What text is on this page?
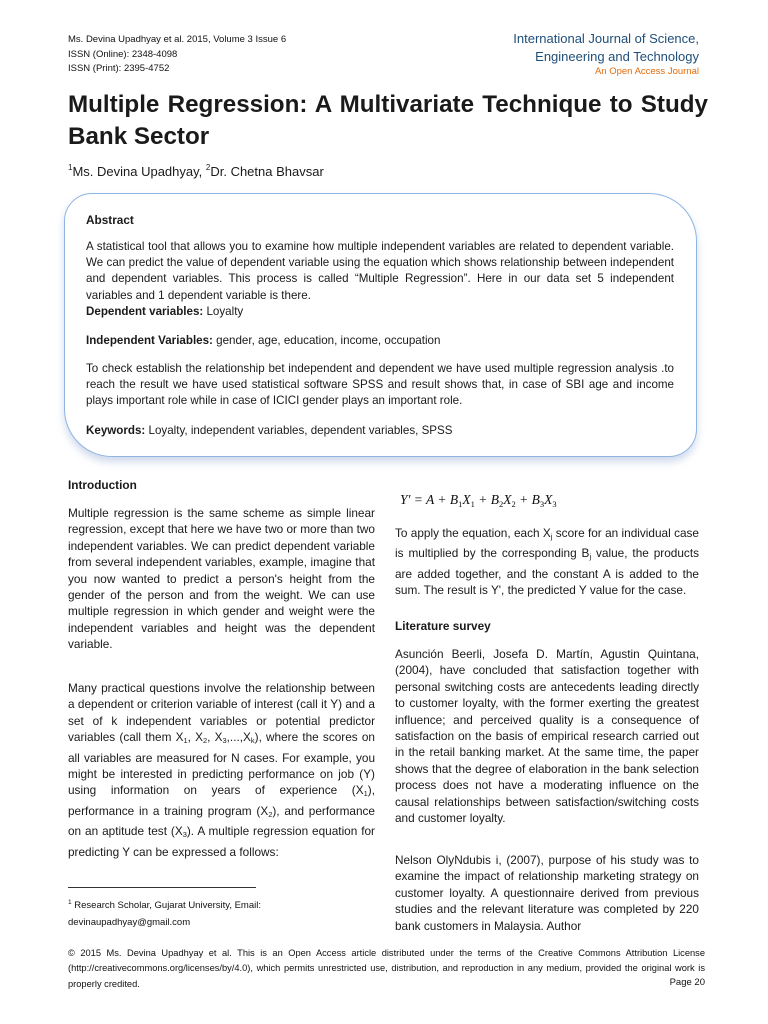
Ms. Devina Upadhyay et al. 2015, Volume 3 Issue 6
ISSN (Online): 2348-4098
ISSN (Print): 2395-4752
International Journal of Science,
Engineering and Technology
An Open Access Journal
Multiple Regression: A Multivariate Technique to Study Bank Sector
$^1$Ms. Devina Upadhyay, $^2$Dr. Chetna Bhavsar
Abstract
A statistical tool that allows you to examine how multiple independent variables are related to dependent variable. We can predict the value of dependent variable using the equation which shows relationship between independent and dependent variables. This process is called “Multiple Regression”. Here in our data set 5 independent variables and 1 dependent variable is there.
Dependent variables: Loyalty
Independent Variables: gender, age, education, income, occupation
To check establish the relationship bet independent and dependent we have used multiple regression analysis .to reach the result we have used statistical software SPSS and result shows that, in case of SBI age and income plays important role while in case of ICICI gender plays an important role.
Keywords: Loyalty, independent variables, dependent variables, SPSS
Introduction

Multiple regression is the same scheme as simple linear regression, except that here we have two or more than two independent variables. We can predict dependent variable from several independent variables, example, imagine that you now wanted to predict a person's height from the gender of the person and from the weight. We can use multiple regression in which gender and weight were the independent variables and height was the dependent variable.

Many practical questions involve the relationship between a dependent or criterion variable of interest (call it Y) and a set of k independent variables or potential predictor variables (call them $X_1$, $X_2$, $X_3,...,X_k$), where the scores on all variables are measured for N cases. For example, you might be interested in predicting performance on job (Y) using information on years of experience $(X_1)$, performance in a training program $(X_2)$, and performance on an aptitude test $(X_3)$. A multiple regression equation for predicting Y can be expressed a follows:

$Y' = A + B_1X_1 + B_2X_2 + B_3X_3$

To apply the equation, each $X_j$ score for an individual case is multiplied by the corresponding $B_j$ value, the products are added together, and the constant A is added to the sum. The result is Y', the predicted Y value for the case.

Literature survey

Asunción Beerli, Josefa D. Martín, Agustin Quintana, (2004), have concluded that satisfaction together with personal switching costs are antecedents leading directly to customer loyalty, with the former exerting the greatest influence; and perceived quality is a consequence of satisfaction on the basis of empirical research carried out in the retail banking market. At the same time, the paper shows that the degree of elaboration in the bank selection process does not have a moderating influence on the causal relationships between satisfaction/switching costs and customer loyalty.

Nelson OlyNdubis i, (2007), purpose of his study was to examine the impact of relationship marketing strategy on customer loyalty. A questionnaire derived from previous studies and the relevant literature was completed by 220 bank customers in Malaysia. Author

$^1$ Research Scholar, Gujarat University, Email:
devinaupadhyay@gmail.com
© 2015 Ms. Devina Upadhyay et al. This is an Open Access article distributed under the terms of the Creative Commons Attribution License (http://creativecommons.org/licenses/by/4.0), which permits unrestricted use, distribution, and reproduction in any medium, provided the original work is properly credited.	Page 20
